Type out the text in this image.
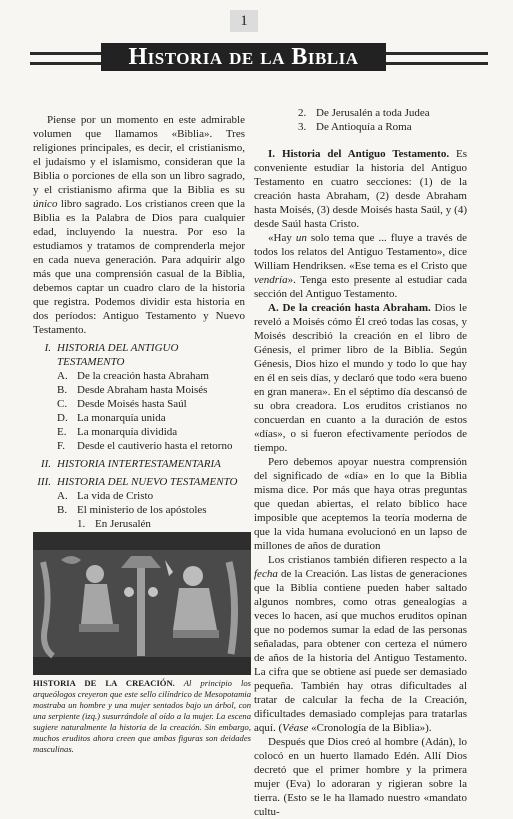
1
Historia de la Biblia

Piense por un momento en este admirable volumen que llamamos «Biblia». Tres religiones principales, es decir, el cristianismo, el judaísmo y el islamismo, consideran que la Biblia o porciones de ella son un libro sagrado, y el cristianismo afirma que la Biblia es su único libro sagrado. Los cristianos creen que la Biblia es la Palabra de Dios para cualquier edad, incluyendo la nuestra. Por eso la estudiamos y tratamos de comprenderla mejor en cada nueva generación. Para adquirir algo más que una comprensión casual de la Biblia, debemos captar un cuadro claro de la historia que registra. Podemos dividir esta historia en dos períodos: Antiguo Testamento y Nuevo Testamento.

I. HISTORIA DEL ANTIGUO TESTAMENTO
A. De la creación hasta Abraham
B. Desde Abraham hasta Moisés
C. Desde Moisés hasta Saúl
D. La monarquía unida
E. La monarquía dividida
F. Desde el cautiverio hasta el retorno
II. HISTORIA INTERTESTAMENTARIA
III. HISTORIA DEL NUEVO TESTAMENTO
A. La vida de Cristo
B. El ministerio de los apóstoles
1. En Jerusalén
HISTORIA DE LA CREACIÓN. Al principio los arqueólogos creyeron que este sello cilíndrico de Mesopotamia mostraba un hombre y una mujer sentados bajo un árbol, con una serpiente (izq.) susurrándole al oído a la mujer. La escena sugiere naturalmente la historia de la creación. Sin embargo, muchos eruditos ahora creen que ambas figuras son deidades masculinas.
2. De Jerusalén a toda Judea
3. De Antioquía a Roma

I. Historia del Antiguo Testamento. Es conveniente estudiar la historia del Antiguo Testamento en cuatro secciones: (1) de la creación hasta Abraham, (2) desde Abraham hasta Moisés, (3) desde Moisés hasta Saúl, y (4) desde Saúl hasta Cristo.

«Hay un solo tema que ... fluye a través de todos los relatos del Antiguo Testamento», dice William Hendriksen. «Ese tema es el Cristo que vendría». Tenga esto presente al estudiar cada sección del Antiguo Testamento.

A. De la creación hasta Abraham. Dios le reveló a Moisés cómo Él creó todas las cosas, y Moisés describió la creación en el libro de Génesis, el primer libro de la Biblia. Según Génesis, Dios hizo el mundo y todo lo que hay en él en seis días, y declaró que todo «era bueno en gran manera». En el séptimo día descansó de su obra creadora. Los eruditos cristianos no concuerdan en cuanto a la duración de estos «días», o si fueron efectivamente períodos de tiempo.

Pero debemos apoyar nuestra comprensión del significado de «día» en lo que la Biblia misma dice. Por más que haya otras preguntas que quedan abiertas, el relato bíblico hace imposible que aceptemos la teoría moderna de que la vida humana evolucionó en un lapso de millones de años de duration

Los cristianos también difieren respecto a la fecha de la Creación. Las listas de generaciones que la Biblia contiene pueden haber saltado algunos nombres, como otras genealogías a veces lo hacen, así que muchos eruditos opinan que no podemos sumar la edad de las personas señaladas, para obtener con certeza el número de años de la historia del Antiguo Testamento. La cifra que se obtiene así puede ser demasiado pequeña. También hay otras dificultades al tratar de calcular la fecha de la Creación, dificultades demasiado complejas para tratarlas aquí. (Véase «Cronología de la Biblia»).

Después que Dios creó al hombre (Adán), lo colocó en un huerto llamado Edén. Allí Dios decretó que el primer hombre y la primera mujer (Eva) lo adoraran y rigieran sobre la tierra. (Esto se le ha llamado nuestro «mandato cultu-
